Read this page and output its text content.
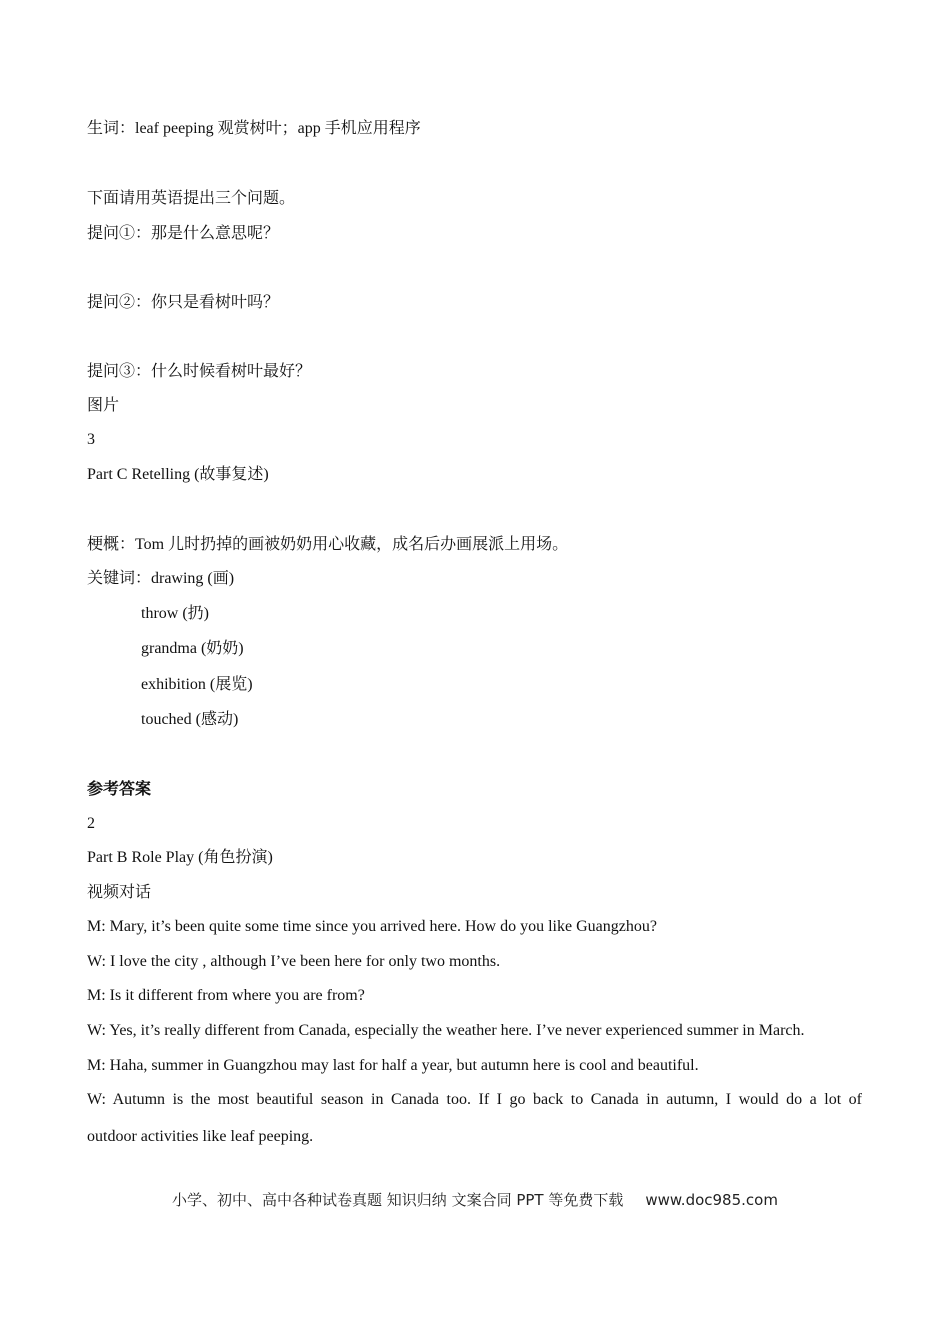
生词：leaf peeping 观赏树叶；app 手机应用程序
下面请用英语提出三个问题。
提问①：那是什么意思呢？
提问②：你只是看树叶吗？
提问③：什么时候看树叶最好？
图片
3
Part C Retelling (故事复述)
梗概：Tom 儿时扔掉的画被奶奶用心收藏，成名后办画展派上用场。
关键词：drawing (画)
throw (扔)
grandma (奶奶)
exhibition (展览)
touched (感动)
参考答案
2
Part B Role Play (角色扮演)
视频对话
M: Mary, it’s been quite some time since you arrived here. How do you like Guangzhou?
W: I love the city , although I’ve been here for only two months.
M: Is it different from where you are from?
W: Yes, it’s really different from Canada, especially the weather here. I’ve never experienced summer in March.
M: Haha, summer in Guangzhou may last for half a year, but autumn here is cool and beautiful.
W: Autumn is the most beautiful season in Canada too. If I go back to Canada in autumn, I would do a lot of
outdoor activities like leaf peeping.
小学、初中、高中各种试卷真题 知识归纳 文案合同 PPT 等免费下载 www.doc985.com
